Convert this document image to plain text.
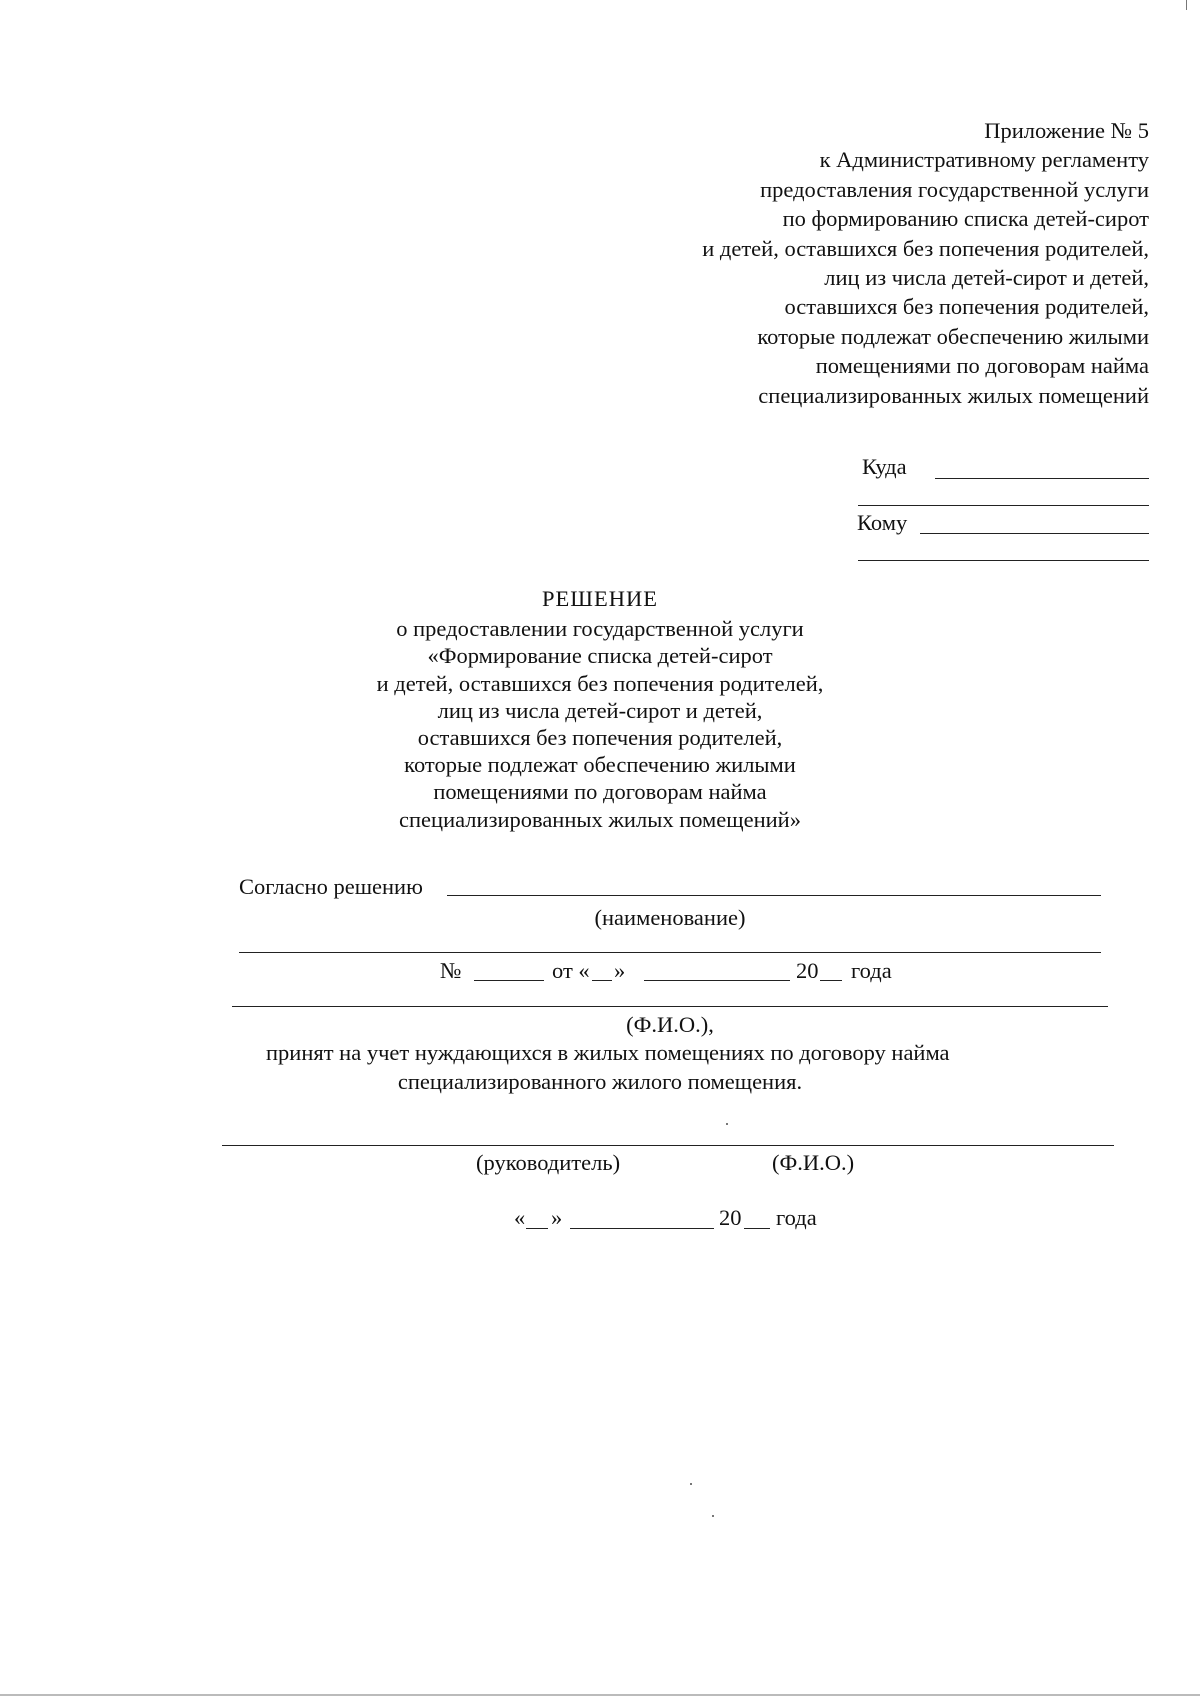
Приложение № 5
к Административному регламенту
предоставления государственной услуги
по формированию списка детей-сирот
и детей, оставшихся без попечения родителей,
лиц из числа детей-сирот и детей,
оставшихся без попечения родителей,
которые подлежат обеспечению жилыми
помещениями по договорам найма
специализированных жилых помещений
Куда
Кому
РЕШЕНИЕ
о предоставлении государственной услуги
«Формирование списка детей-сирот
и детей, оставшихся без попечения родителей,
лиц из числа детей-сирот и детей,
оставшихся без попечения родителей,
которые подлежат обеспечению жилыми
помещениями по договорам найма
специализированных жилых помещений»
Согласно решению
(наименование)
№	от « »	20 года
(Ф.И.О.),
принят на учет нуждающихся в жилых помещениях по договору найма
специализированного жилого помещения.
(руководитель)	(Ф.И.О.)
« »	20 года
